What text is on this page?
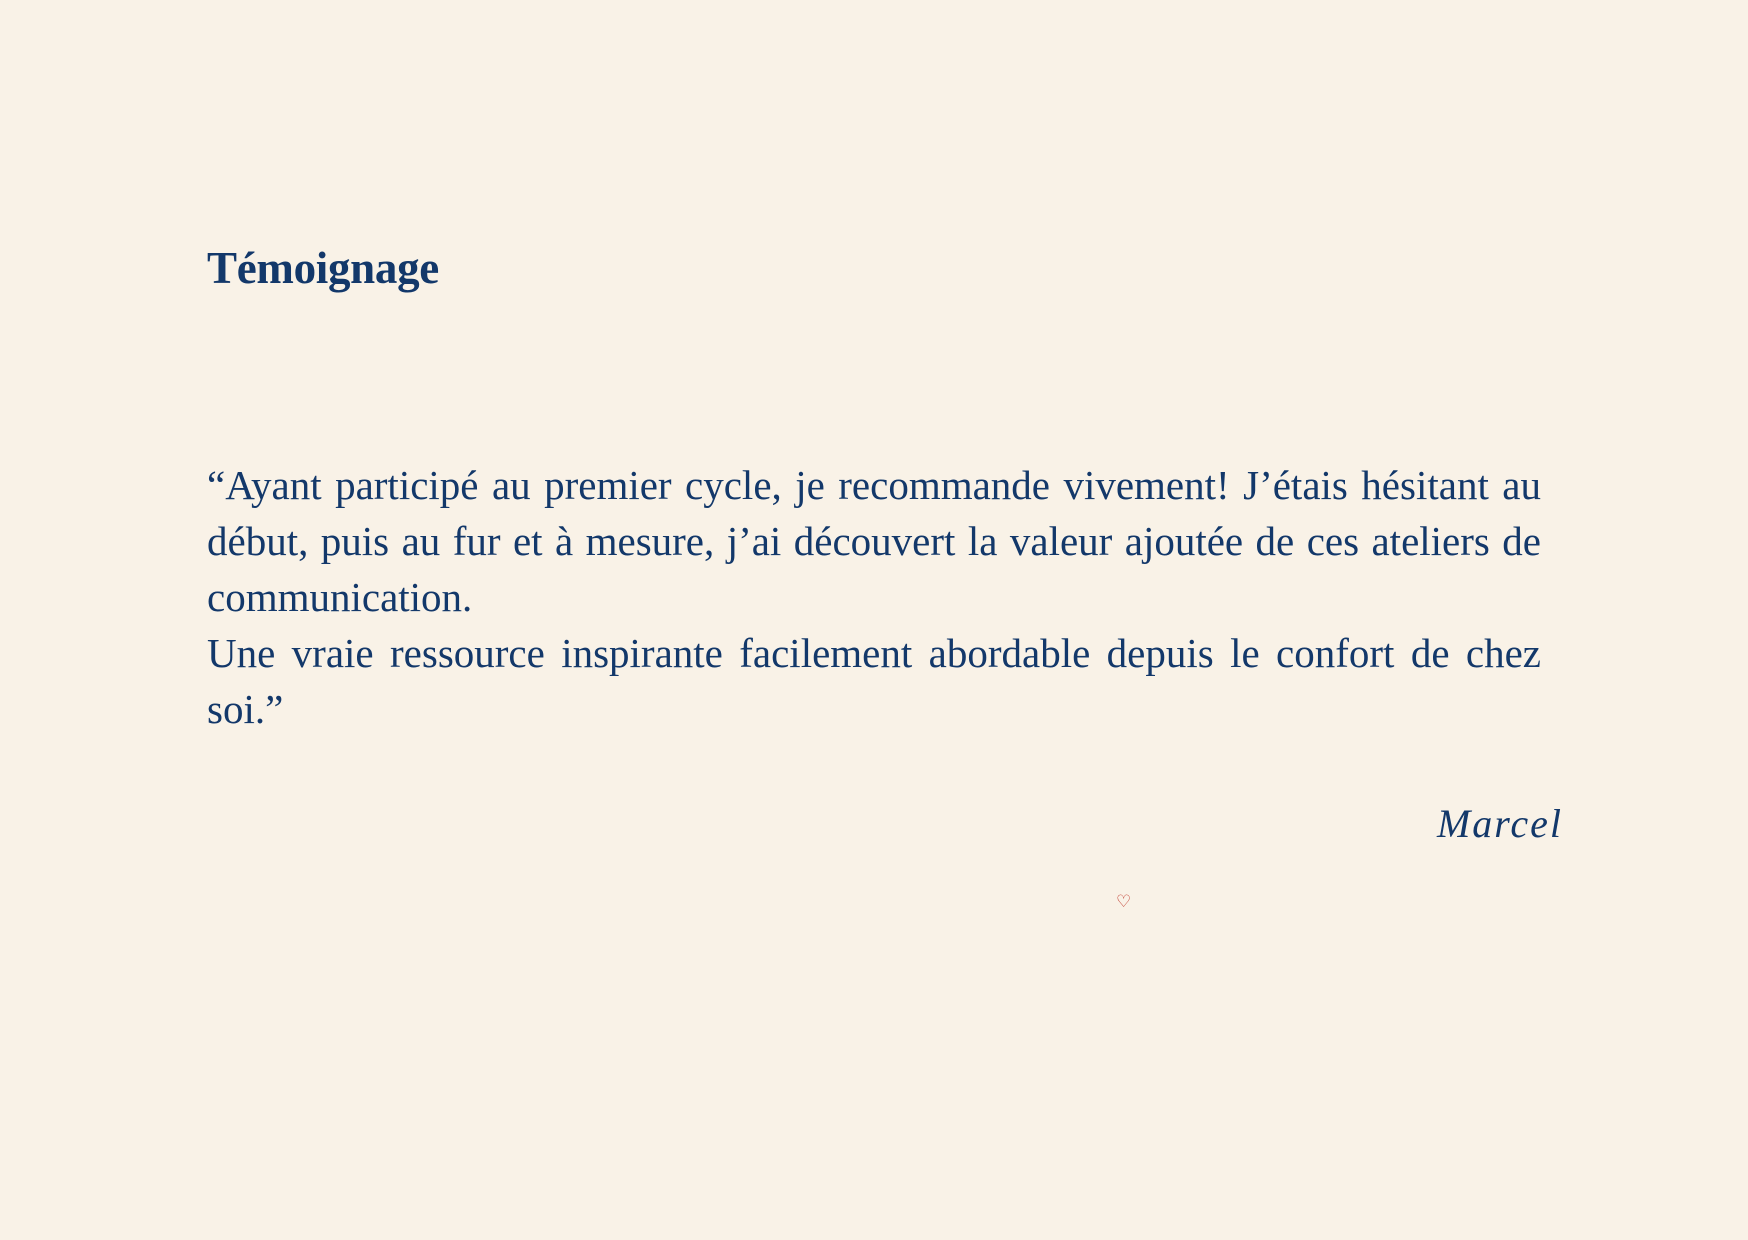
Témoignage
“Ayant participé au premier cycle, je recommande vivement! J’étais hésitant au début, puis au fur et à mesure, j’ai découvert la valeur ajoutée de ces ateliers de communication.
Une vraie ressource inspirante facilement abordable depuis le confort de chez soi.”

Marcel

♡
